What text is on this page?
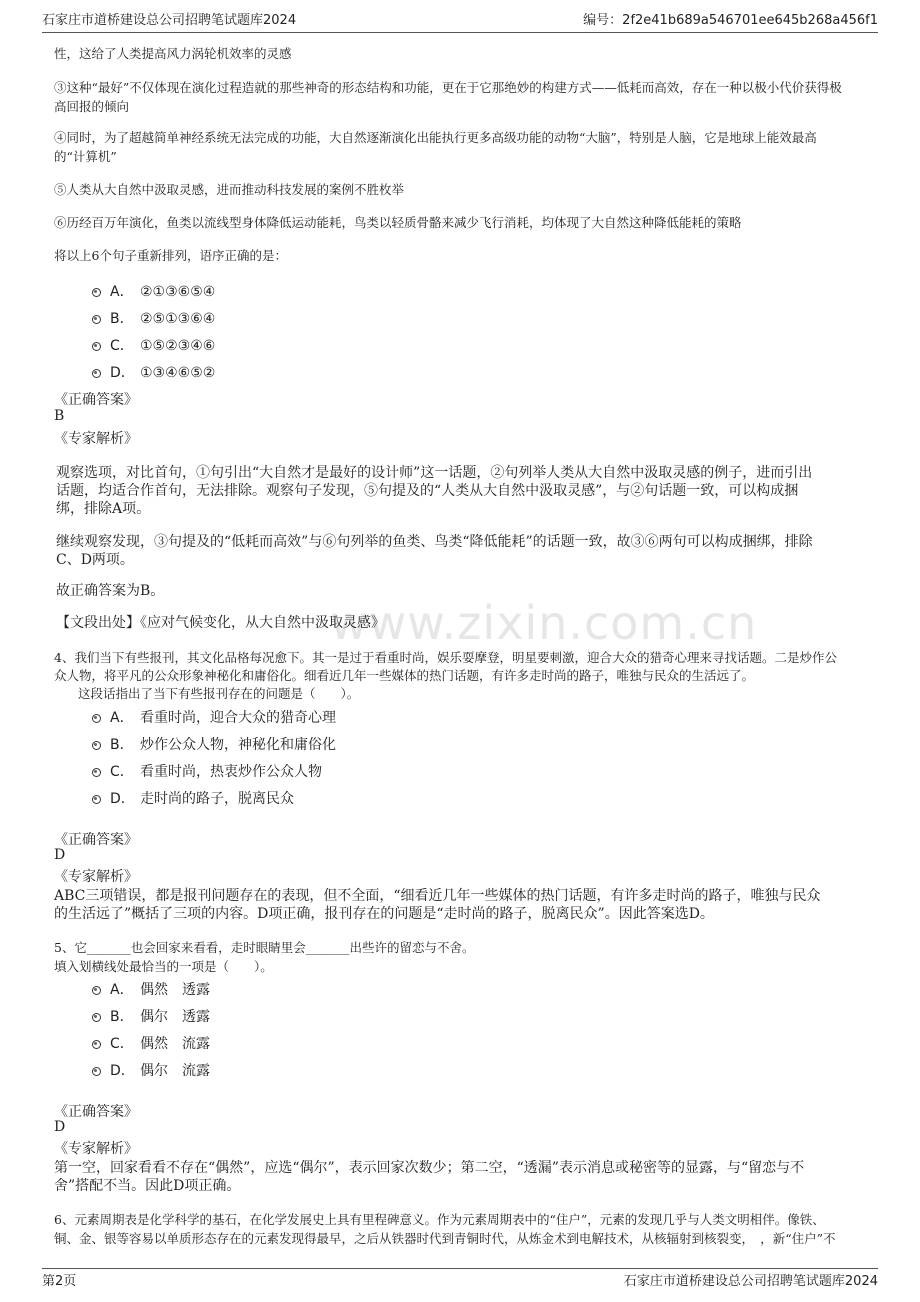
石家庄市道桥建设总公司招聘笔试题库2024	编号：2f2e41b689a546701ee645b268a456f1
www.zixin.com.cn
性，这给了人类提高风力涡轮机效率的灵感
③这种“最好”不仅体现在演化过程造就的那些神奇的形态结构和功能，更在于它那绝妙的构建方式——低耗而高效，存在一种以极小代价获得极
高回报的倾向
④同时，为了超越简单神经系统无法完成的功能，大自然逐渐演化出能执行更多高级功能的动物“大脑”，特别是人脑，它是地球上能效最高
的“计算机”
⑤人类从大自然中汲取灵感，进而推动科技发展的案例不胜枚举
⑥历经百万年演化，鱼类以流线型身体降低运动能耗，鸟类以轻质骨骼来减少飞行消耗，均体现了大自然这种降低能耗的策略
将以上6个句子重新排列，语序正确的是：
A． ②①③⑥⑤④
B． ②⑤①③⑥④
C． ①⑤②③④⑥
D． ①③④⑥⑤②
《正确答案》
B
《专家解析》
观察选项，对比首句，①句引出“大自然才是最好的设计师”这一话题，②句列举人类从大自然中汲取灵感的例子，进而引出
话题，均适合作首句，无法排除。观察句子发现，⑤句提及的“人类从大自然中汲取灵感”，与②句话题一致，可以构成捆
绑，排除A项。
继续观察发现，③句提及的“低耗而高效”与⑥句列举的鱼类、鸟类“降低能耗”的话题一致，故③⑥两句可以构成捆绑，排除
C、D两项。
故正确答案为B。
【文段出处】《应对气候变化，从大自然中汲取灵感》
4、我们当下有些报刊，其文化品格每况愈下。其一是过于看重时尚，娱乐耍摩登，明星要刺激，迎合大众的猎奇心理来寻找话题。二是炒作公
众人物，将平凡的公众形象神秘化和庸俗化。细看近几年一些媒体的热门话题，有许多走时尚的路子，唯独与民众的生活远了。
这段话指出了当下有些报刊存在的问题是（　　）。
A． 看重时尚，迎合大众的猎奇心理
B． 炒作公众人物，神秘化和庸俗化
C． 看重时尚，热衷炒作公众人物
D． 走时尚的路子，脱离民众
《正确答案》
D
《专家解析》
ABC三项错误，都是报刊问题存在的表现，但不全面，“细看近几年一些媒体的热门话题，有许多走时尚的路子，唯独与民众
的生活远了”概括了三项的内容。D项正确，报刊存在的问题是“走时尚的路子，脱离民众”。因此答案选D。
5、它_______也会回家来看看，走时眼睛里会_______出些许的留恋与不舍。
填入划横线处最恰当的一项是（　　）。
A． 偶然　透露
B． 偶尔　透露
C． 偶然　流露
D． 偶尔　流露
《正确答案》
D
《专家解析》
第一空，回家看看不存在“偶然”，应选“偶尔”，表示回家次数少；第二空，“透漏”表示消息或秘密等的显露，与“留恋与不
舍”搭配不当。因此D项正确。
6、元素周期表是化学科学的基石，在化学发展史上具有里程碑意义。作为元素周期表中的“住户”，元素的发现几乎与人类文明相伴。像铁、
铜、金、银等容易以单质形态存在的元素发现得最早，之后从铁器时代到青铜时代，从炼金术到电解技术，从核辐射到核裂变，　，新“住户”不
第2页	石家庄市道桥建设总公司招聘笔试题库2024
